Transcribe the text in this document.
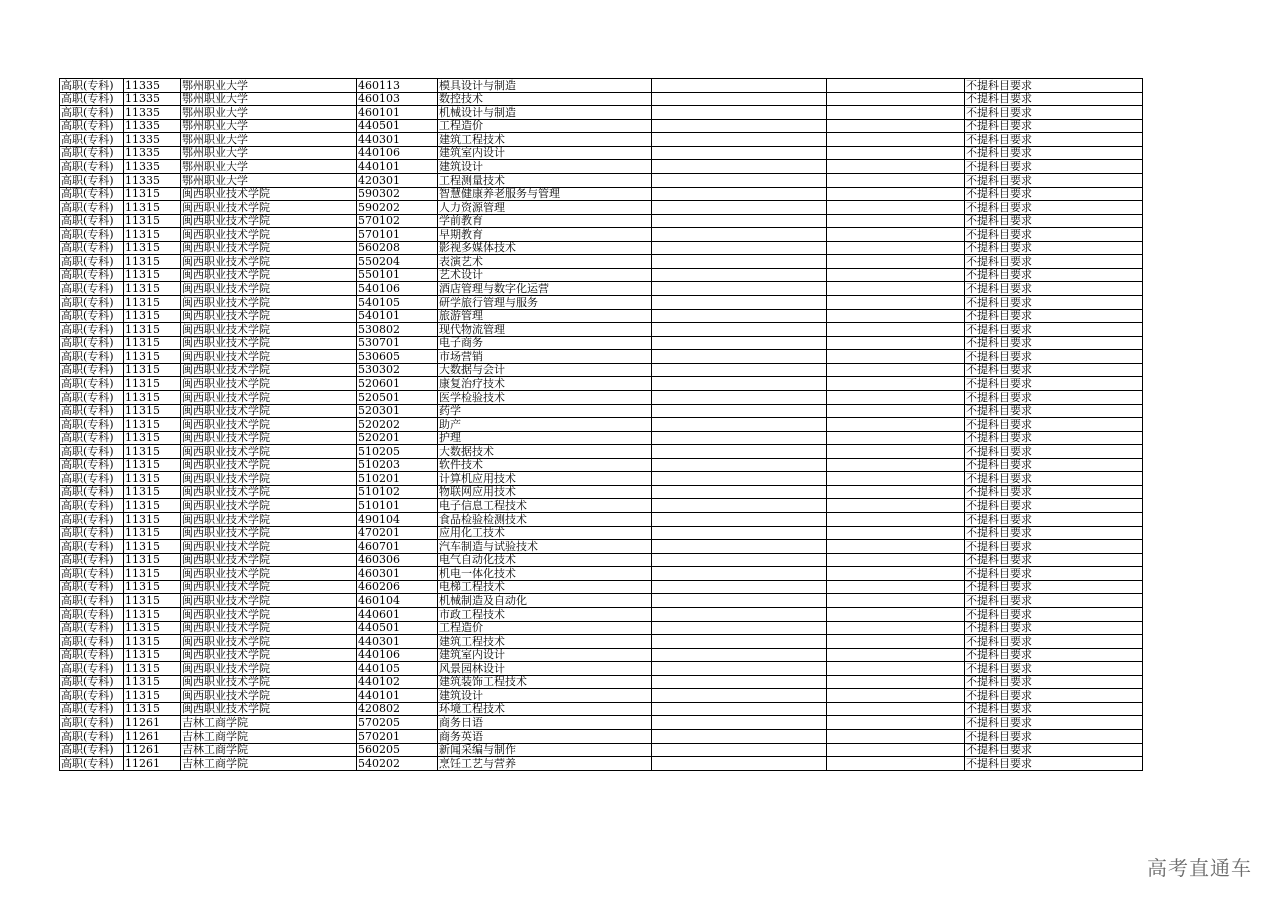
高职(专科)	11335	鄂州职业大学	460113	模具设计与制造			不提科目要求
高职(专科)	11335	鄂州职业大学	460103	数控技术			不提科目要求
高职(专科)	11335	鄂州职业大学	460101	机械设计与制造			不提科目要求
高职(专科)	11335	鄂州职业大学	440501	工程造价			不提科目要求
高职(专科)	11335	鄂州职业大学	440301	建筑工程技术			不提科目要求
高职(专科)	11335	鄂州职业大学	440106	建筑室内设计			不提科目要求
高职(专科)	11335	鄂州职业大学	440101	建筑设计			不提科目要求
高职(专科)	11335	鄂州职业大学	420301	工程测量技术			不提科目要求
高职(专科)	11315	闽西职业技术学院	590302	智慧健康养老服务与管理			不提科目要求
高职(专科)	11315	闽西职业技术学院	590202	人力资源管理			不提科目要求
高职(专科)	11315	闽西职业技术学院	570102	学前教育			不提科目要求
高职(专科)	11315	闽西职业技术学院	570101	早期教育			不提科目要求
高职(专科)	11315	闽西职业技术学院	560208	影视多媒体技术			不提科目要求
高职(专科)	11315	闽西职业技术学院	550204	表演艺术			不提科目要求
高职(专科)	11315	闽西职业技术学院	550101	艺术设计			不提科目要求
高职(专科)	11315	闽西职业技术学院	540106	酒店管理与数字化运营			不提科目要求
高职(专科)	11315	闽西职业技术学院	540105	研学旅行管理与服务			不提科目要求
高职(专科)	11315	闽西职业技术学院	540101	旅游管理			不提科目要求
高职(专科)	11315	闽西职业技术学院	530802	现代物流管理			不提科目要求
高职(专科)	11315	闽西职业技术学院	530701	电子商务			不提科目要求
高职(专科)	11315	闽西职业技术学院	530605	市场营销			不提科目要求
高职(专科)	11315	闽西职业技术学院	530302	大数据与会计			不提科目要求
高职(专科)	11315	闽西职业技术学院	520601	康复治疗技术			不提科目要求
高职(专科)	11315	闽西职业技术学院	520501	医学检验技术			不提科目要求
高职(专科)	11315	闽西职业技术学院	520301	药学			不提科目要求
高职(专科)	11315	闽西职业技术学院	520202	助产			不提科目要求
高职(专科)	11315	闽西职业技术学院	520201	护理			不提科目要求
高职(专科)	11315	闽西职业技术学院	510205	大数据技术			不提科目要求
高职(专科)	11315	闽西职业技术学院	510203	软件技术			不提科目要求
高职(专科)	11315	闽西职业技术学院	510201	计算机应用技术			不提科目要求
高职(专科)	11315	闽西职业技术学院	510102	物联网应用技术			不提科目要求
高职(专科)	11315	闽西职业技术学院	510101	电子信息工程技术			不提科目要求
高职(专科)	11315	闽西职业技术学院	490104	食品检验检测技术			不提科目要求
高职(专科)	11315	闽西职业技术学院	470201	应用化工技术			不提科目要求
高职(专科)	11315	闽西职业技术学院	460701	汽车制造与试验技术			不提科目要求
高职(专科)	11315	闽西职业技术学院	460306	电气自动化技术			不提科目要求
高职(专科)	11315	闽西职业技术学院	460301	机电一体化技术			不提科目要求
高职(专科)	11315	闽西职业技术学院	460206	电梯工程技术			不提科目要求
高职(专科)	11315	闽西职业技术学院	460104	机械制造及自动化			不提科目要求
高职(专科)	11315	闽西职业技术学院	440601	市政工程技术			不提科目要求
高职(专科)	11315	闽西职业技术学院	440501	工程造价			不提科目要求
高职(专科)	11315	闽西职业技术学院	440301	建筑工程技术			不提科目要求
高职(专科)	11315	闽西职业技术学院	440106	建筑室内设计			不提科目要求
高职(专科)	11315	闽西职业技术学院	440105	风景园林设计			不提科目要求
高职(专科)	11315	闽西职业技术学院	440102	建筑装饰工程技术			不提科目要求
高职(专科)	11315	闽西职业技术学院	440101	建筑设计			不提科目要求
高职(专科)	11315	闽西职业技术学院	420802	环境工程技术			不提科目要求
高职(专科)	11261	吉林工商学院	570205	商务日语			不提科目要求
高职(专科)	11261	吉林工商学院	570201	商务英语			不提科目要求
高职(专科)	11261	吉林工商学院	560205	新闻采编与制作			不提科目要求
高职(专科)	11261	吉林工商学院	540202	烹饪工艺与营养			不提科目要求
高考直通车
